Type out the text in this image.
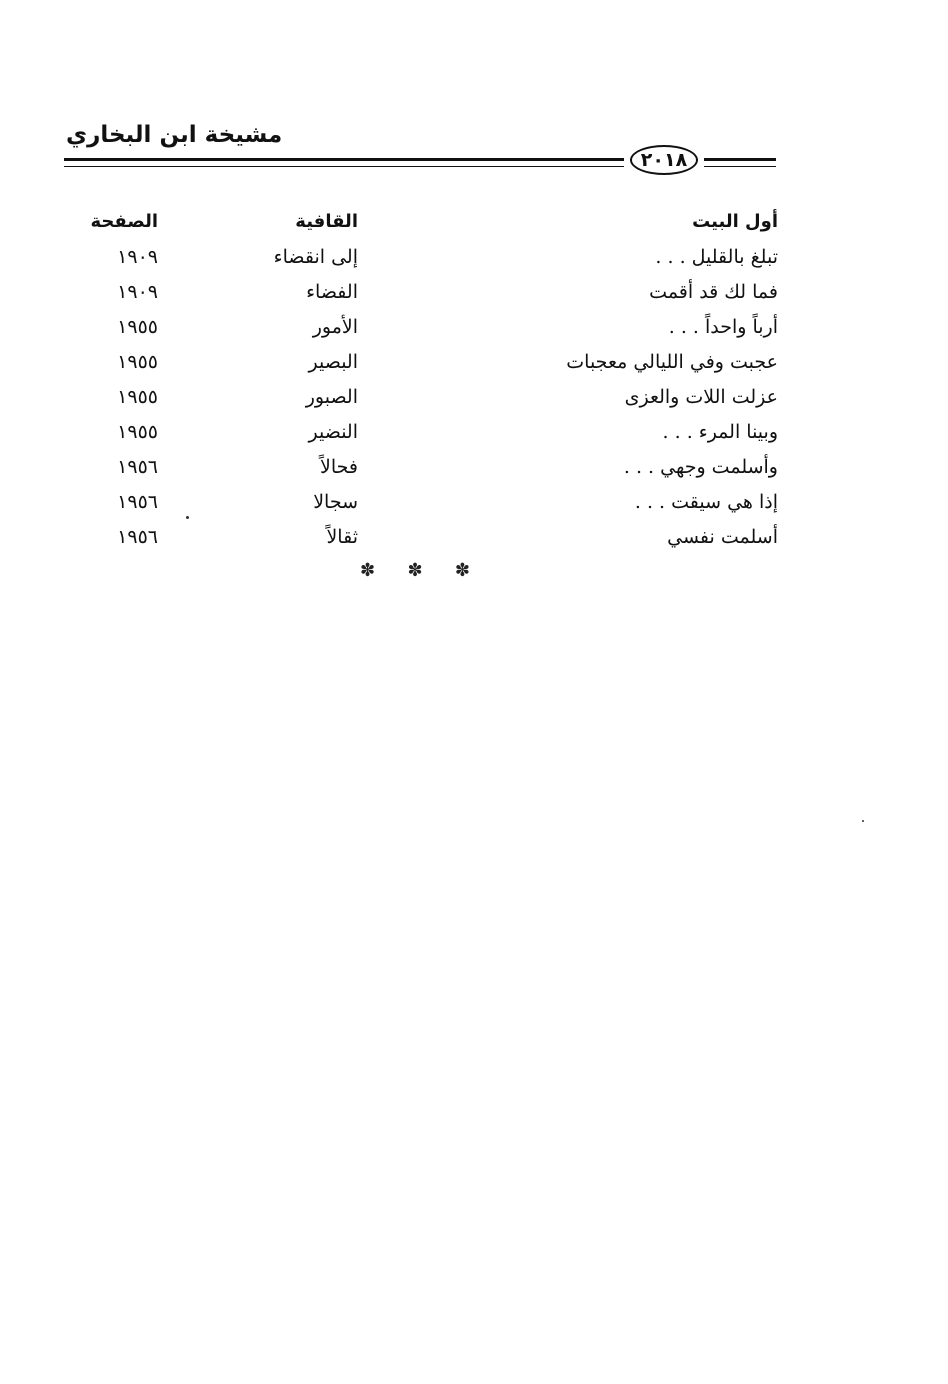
مشيخة ابن البخاري
٢٠١٨
أول البيت
القافية
الصفحة
تبلغ بالقليل . . .
إلى انقضاء
١٩٠٩
فما لك قد أقمت
الفضاء
١٩٠٩
أرباً واحداً . . .
الأمور
١٩٥٥
عجبت وفي الليالي معجبات
البصير
١٩٥٥
عزلت اللات والعزى
الصبور
١٩٥٥
وبينا المرء . . .
النضير
١٩٥٥
وأسلمت وجهي . . .
فحالاً
١٩٥٦
إذا هي سيقت . . .
سجالا
١٩٥٦
أسلمت نفسي
ثقالاً
١٩٥٦
✽ ✽ ✽
